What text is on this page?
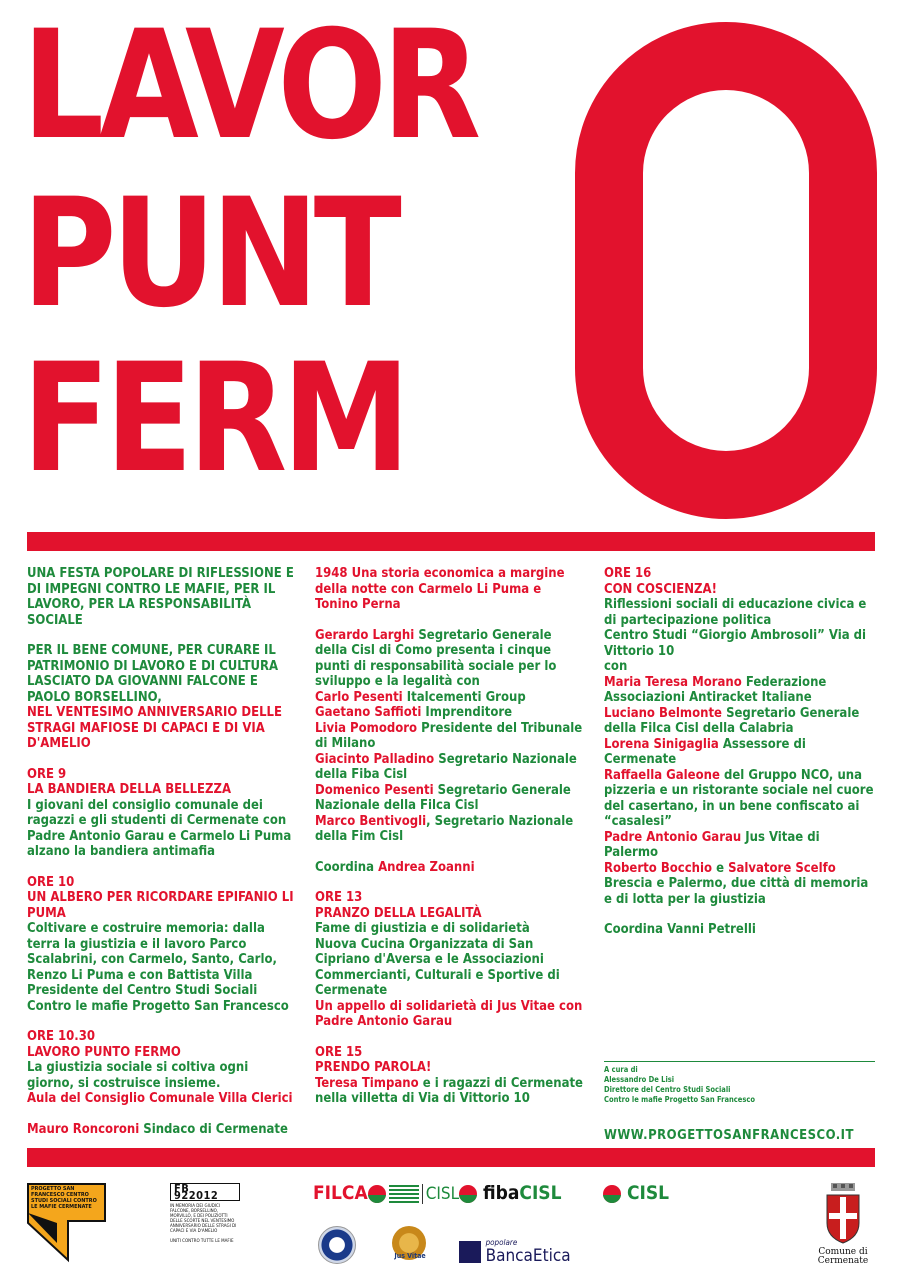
LAVOR
PUNT
FERM

UNA FESTA POPOLARE DI RIFLESSIONE E DI IMPEGNI CONTRO LE MAFIE, PER IL LAVORO, PER LA RESPONSABILITÀ SOCIALE

PER IL BENE COMUNE, PER CURARE IL PATRIMONIO DI LAVORO E DI CULTURA LASCIATO DA GIOVANNI FALCONE E PAOLO BORSELLINO,

NEL VENTESIMO ANNIVERSARIO DELLE STRAGI MAFIOSE DI CAPACI E DI VIA D'AMELIO

ORE 9
LA BANDIERA DELLA BELLEZZA
I giovani del consiglio comunale dei ragazzi e gli studenti di Cermenate con Padre Antonio Garau e Carmelo Li Puma alzano la bandiera antimafia
ORE 10
UN ALBERO PER RICORDARE EPIFANIO LI PUMA
Coltivare e costruire memoria: dalla terra la giustizia e il lavoro Parco Scalabrini, con Carmelo, Santo, Carlo, Renzo Li Puma e con Battista Villa Presidente del Centro Studi Sociali Contro le mafie Progetto San Francesco
ORE 10.30
LAVORO PUNTO FERMO
La giustizia sociale si coltiva ogni giorno, si costruisce insieme.
Aula del Consiglio Comunale Villa Clerici
Mauro Roncoroni Sindaco di Cermenate

1948 Una storia economica a margine della notte con Carmelo Li Puma e Tonino Perna

Gerardo Larghi Segretario Generale della Cisl di Como presenta i cinque punti di responsabilità sociale per lo sviluppo e la legalità con
Carlo Pesenti Italcementi Group
Gaetano Saffioti Imprenditore
Livia Pomodoro Presidente del Tribunale di Milano
Giacinto Palladino Segretario Nazionale della Fiba Cisl
Domenico Pesenti Segretario Generale Nazionale della Filca Cisl
Marco Bentivogli, Segretario Nazionale della Fim Cisl

Coordina Andrea Zoanni

ORE 13
PRANZO DELLA LEGALITÀ
Fame di giustizia e di solidarietà
Nuova Cucina Organizzata di San Cipriano d'Aversa e le Associazioni Commercianti, Culturali e Sportive di Cermenate
Un appello di solidarietà di Jus Vitae con Padre Antonio Garau
ORE 15
PRENDO PAROLA!
Teresa Timpano e i ragazzi di Cermenate nella villetta di Via di Vittorio 10
ORE 16
CON COSCIENZA!
Riflessioni sociali di educazione civica e di partecipazione politica
Centro Studi “Giorgio Ambrosoli” Via di Vittorio 10
con
Maria Teresa Morano Federazione Associazioni Antiracket Italiane
Luciano Belmonte Segretario Generale della Filca Cisl della Calabria
Lorena Sinigaglia Assessore di Cermenate
Raffaella Galeone del Gruppo NCO, una pizzeria e un ristorante sociale nel cuore del casertano, in un bene confiscato ai “casalesi”
Padre Antonio Garau Jus Vitae di Palermo
Roberto Bocchio e Salvatore Scelfo Brescia e Palermo, due città di memoria e di lotta per la giustizia
Coordina Vanni Petrelli
A cura di
Alessandro De Lisi
Direttore del Centro Studi Sociali
Contro le mafie Progetto San Francesco
WWW.PROGETTOSANFRANCESCO.IT
PROGETTO SAN FRANCESCO CENTRO STUDI SOCIALI CONTRO LE MAFIE CERMENATE
FB 922012
IN MEMORIA DEI GIUDICI FALCONE, BORSELLINO, MORVILLO, E DEI POLIZIOTTI DELLE SCORTE NEL VENTESIMO ANNIVERSARIO DELLE STRAGI DI CAPACI E VIA D'AMELIO
UNITI CONTRO TUTTE LE MAFIE
FILCA	CISL	fibaCISL	CISL
Jus Vitae

popolare
BancaEtica	Comune di Cermenate
